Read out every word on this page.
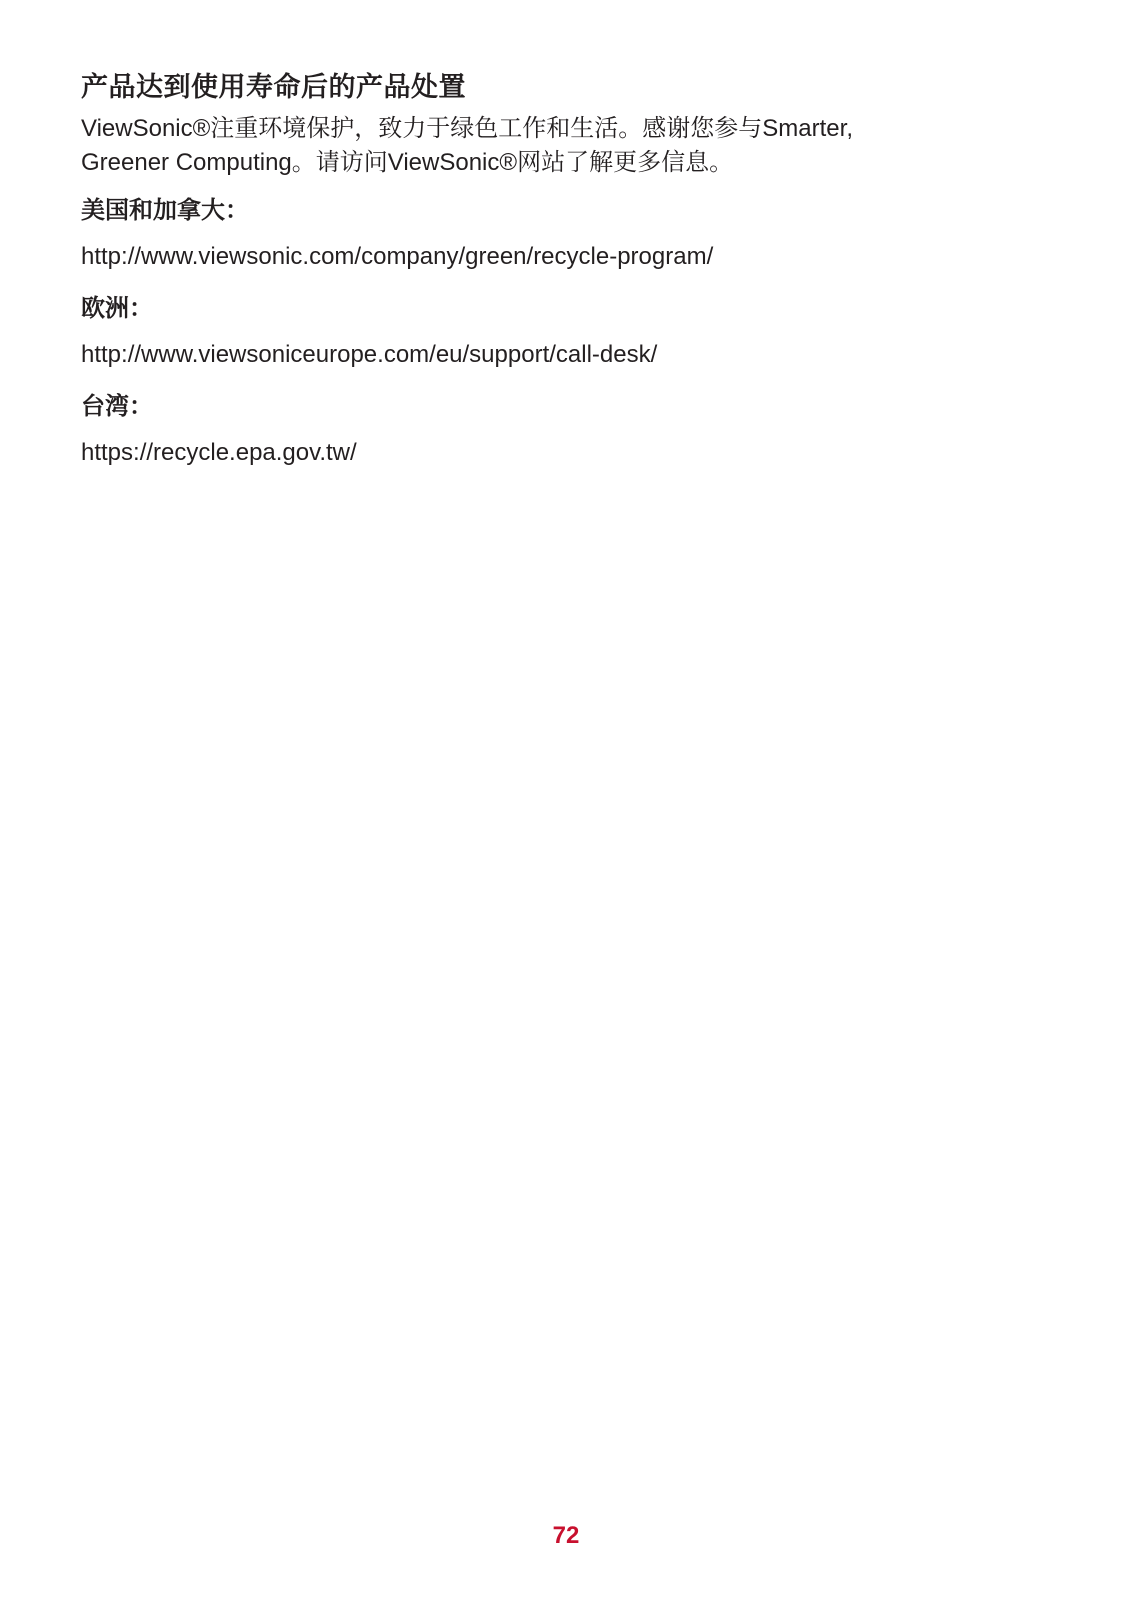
产品达到使用寿命后的产品处置

ViewSonic®注重环境保护，致力于绿色工作和生活。感谢您参与Smarter,
Greener Computing。请访问ViewSonic®网站了解更多信息。

美国和加拿大：
http://www.viewsonic.com/company/green/recycle-program/
欧洲：
http://www.viewsoniceurope.com/eu/support/call-desk/
台湾：
https://recycle.epa.gov.tw/
72
